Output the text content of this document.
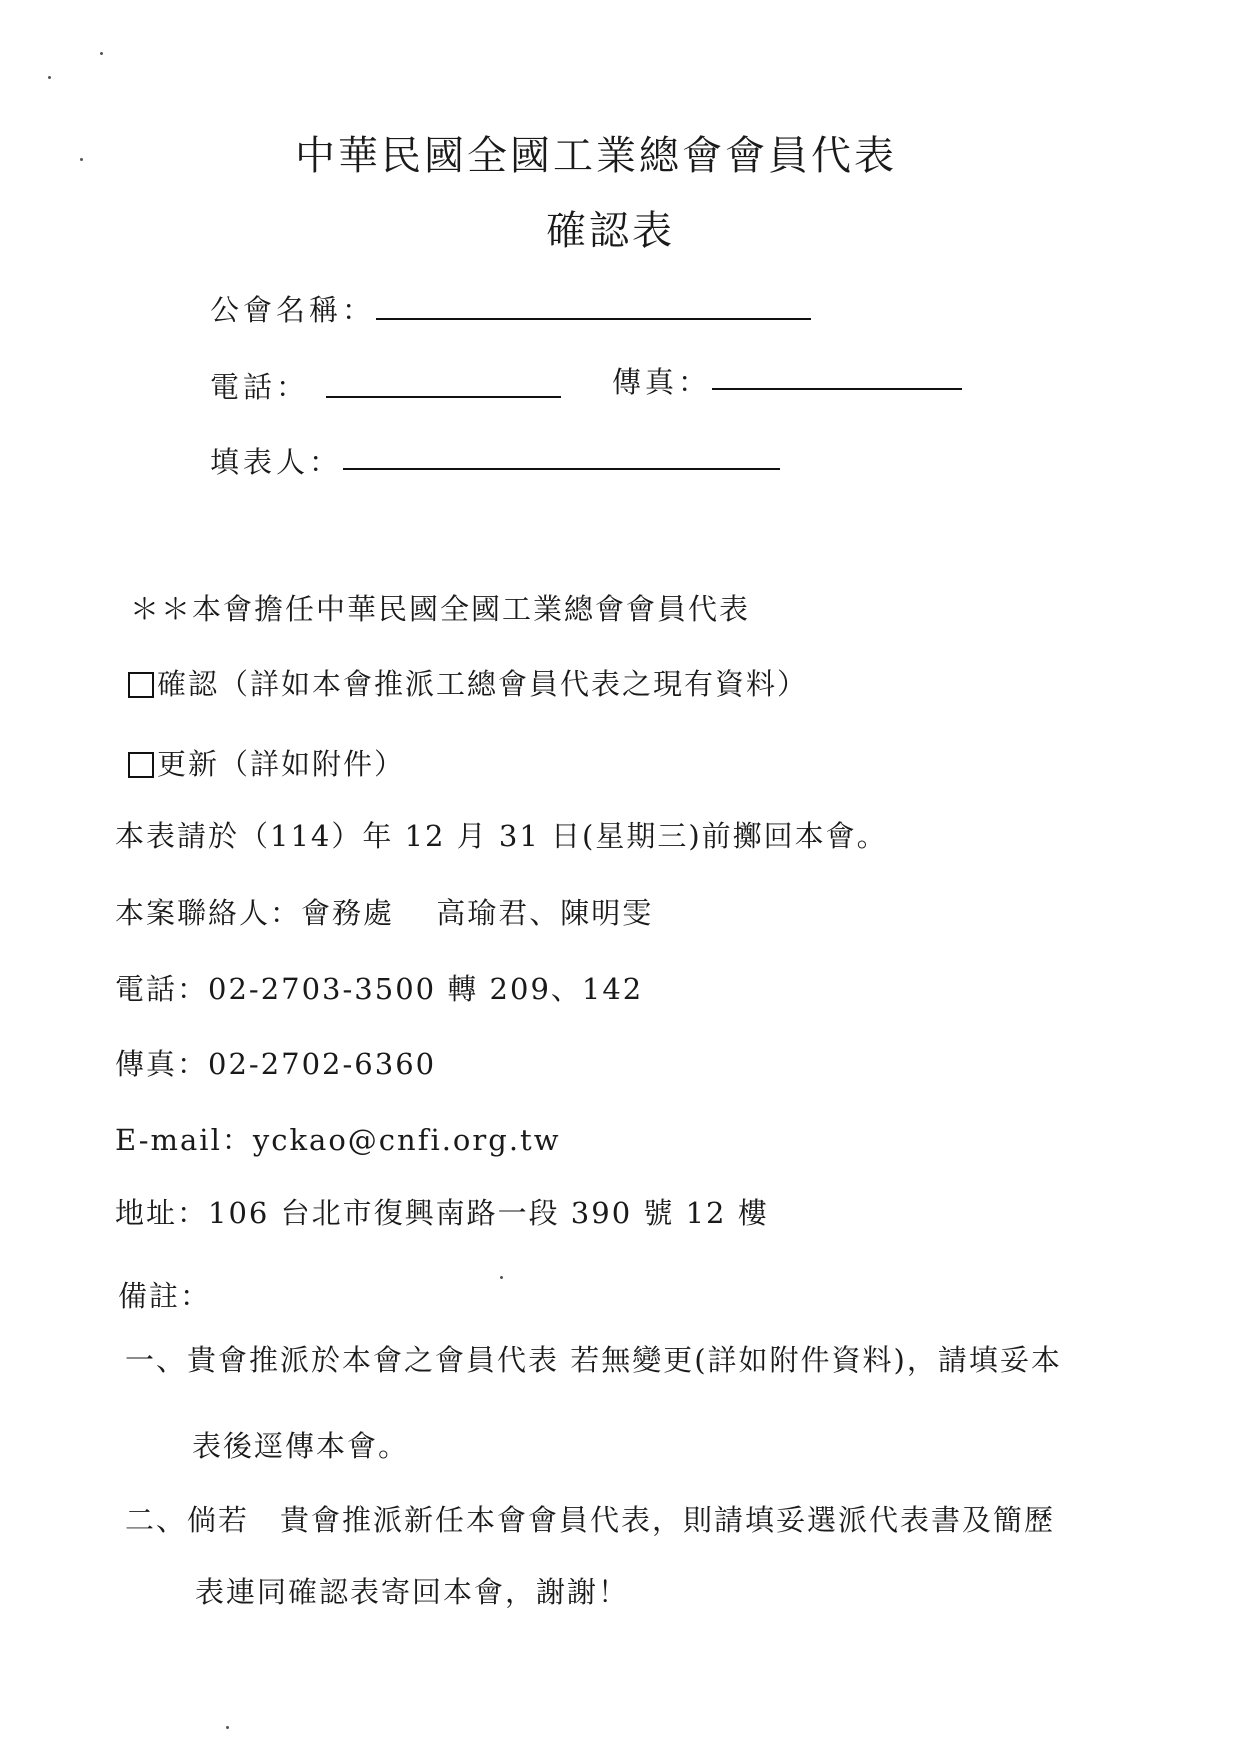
中華民國全國工業總會會員代表
確認表
公會名稱：
電話：	傳真：
填表人：
＊＊本會擔任中華民國全國工業總會會員代表
確認（詳如本會推派工總會員代表之現有資料）
更新（詳如附件）
本表請於（114）年 12 月 31 日(星期三)前擲回本會。
本案聯絡人：會務處　 高瑜君、陳明雯
電話：02-2703-3500 轉 209、142
傳真：02-2702-6360
E-mail：yckao@cnfi.org.tw
地址：106 台北市復興南路一段 390 號 12 樓
備註：
一、貴會推派於本會之會員代表 若無變更(詳如附件資料)，請填妥本
表後逕傳本會。
二、倘若　貴會推派新任本會會員代表，則請填妥選派代表書及簡歷
表連同確認表寄回本會，謝謝！
